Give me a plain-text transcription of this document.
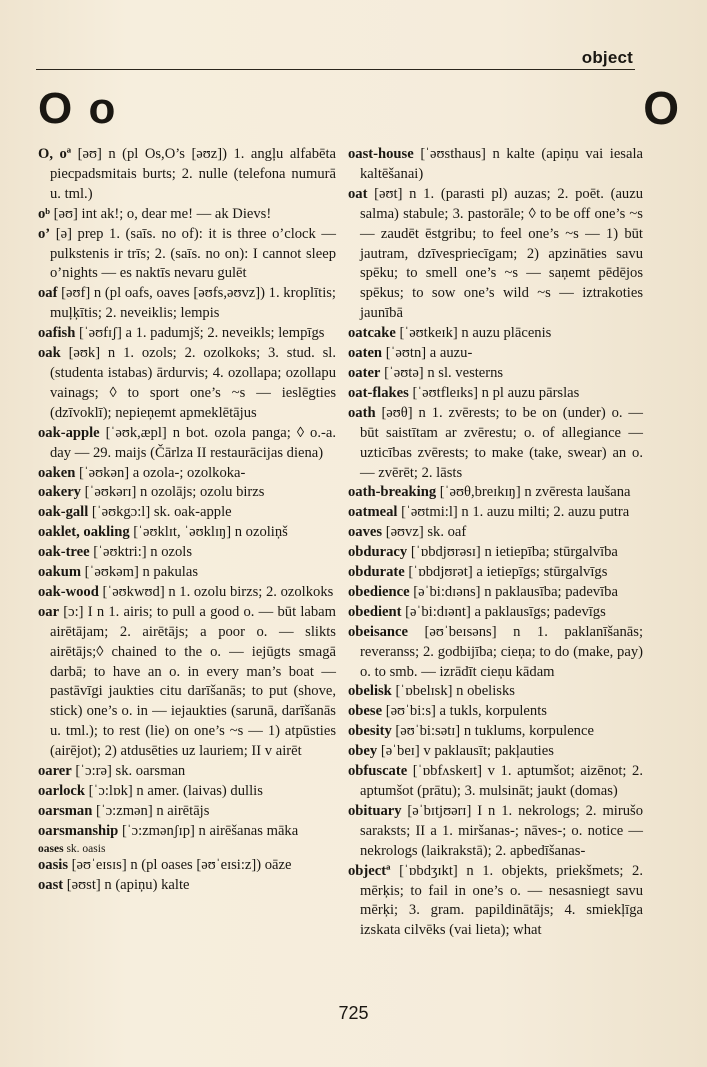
object
O o	O

O, oª [əʊ] n (pl Os,O’s [əʊz]) 1. angļu alfabēta piecpadsmitais burts; 2. nulle (telefona numurā u. tml.)

oᵇ [əʊ] int ak!; o, dear me! — ak Dievs!

o’ [ə] prep 1. (saīs. no of): it is three o’clock — pulkstenis ir trīs; 2. (saīs. no on): I cannot sleep o’nights — es naktīs nevaru gulēt

oaf [əʊf] n (pl oafs, oaves [əʊfs,əʊvz]) 1. kroplītis; muļķītis; 2. neveiklis; lempis

oafish [ˈəʊfɪʃ] a 1. padumjš; 2. neveikls; lempīgs

oak [əʊk] n 1. ozols; 2. ozolkoks; 3. stud. sl. (studenta istabas) ārdurvis; 4. ozollapa; ozollapu vainags; ◊ to sport one’s ~s — ieslēgties (dzīvoklī); nepieņemt apmeklētājus

oak-apple [ˈəʊk,æpl] n bot. ozola panga; ◊ o.-a. day — 29. maijs (Čārlza II restaurācijas diena)

oaken [ˈəʊkən] a ozola-; ozolkoka-

oakery [ˈəʊkərɪ] n ozolājs; ozolu birzs

oak-gall [ˈəʊkgɔ:l] sk. oak-apple

oaklet, oakling [ˈəʊklɪt, ˈəʊklɪŋ] n ozoliņš

oak-tree [ˈəʊktri:] n ozols

oakum [ˈəʊkəm] n pakulas

oak-wood [ˈəʊkwʊd] n 1. ozolu birzs; 2. ozolkoks

oar [ɔ:] I n 1. airis; to pull a good o. — būt labam airētājam; 2. airētājs; a poor o. — slikts airētājs;◊ chained to the o. — iejūgts smagā darbā; to have an o. in every man’s boat — pastāvīgi jaukties citu darīšanās; to put (shove, stick) one’s o. in — iejaukties (sarunā, darīšanās u. tml.); to rest (lie) on one’s ~s — 1) atpūsties (airējot); 2) atdusēties uz lauriem; II v airēt

oarer [ˈɔ:rə] sk. oarsman

oarlock [ˈɔ:lɒk] n amer. (laivas) dullis

oarsman [ˈɔ:zmən] n airētājs

oarsmanship [ˈɔ:zmənʃɪp] n airēšanas māka

oases sk. oasis

oasis [əʊˈeɪsɪs] n (pl oases [əʊˈeɪsi:z]) oāze

oast [əʊst] n (apiņu) kalte

oast-house [ˈəʊsthaus] n kalte (apiņu vai iesala kaltēšanai)

oat [əʊt] n 1. (parasti pl) auzas; 2. poēt. (auzu salma) stabule; 3. pastorāle; ◊ to be off one’s ~s — zaudēt ēstgribu; to feel one’s ~s — 1) būt jautram, dzīvespriecīgam; 2) apzināties savu spēku; to smell one’s ~s — saņemt pēdējos spēkus; to sow one’s wild ~s — iztrakoties jaunībā

oatcake [ˈəʊtkeɪk] n auzu plācenis

oaten [ˈəʊtn] a auzu-

oater [ˈəʊtə] n sl. vesterns

oat-flakes [ˈəʊtfleɪks] n pl auzu pārslas

oath [əʊθ] n 1. zvērests; to be on (under) o. — būt saistītam ar zvērestu; o. of allegiance — uzticības zvērests; to make (take, swear) an o. — zvērēt; 2. lāsts

oath-breaking [ˈəʊθ,breɪkɪŋ] n zvēresta laušana

oatmeal [ˈəʊtmi:l] n 1. auzu milti; 2. auzu putra

oaves [əʊvz] sk. oaf

obduracy [ˈɒbdjʊrəsɪ] n ietiepība; stūrgalvība

obdurate [ˈɒbdjʊrət] a ietiepīgs; stūrgalvīgs

obedience [əˈbi:dɪəns] n paklausība; padevība

obedient [əˈbi:dɪənt] a paklausīgs; padevīgs

obeisance [əʊˈbeɪsəns] n 1. paklanīšanās; reveranss; 2. godbijība; cieņa; to do (make, pay) o. to smb. — izrādīt cieņu kādam

obelisk [ˈɒbelɪsk] n obelisks

obese [əʊˈbi:s] a tukls, korpulents

obesity [əʊˈbi:sətɪ] n tuklums, korpulence

obey [əˈbeɪ] v paklausīt; pakļauties

obfuscate [ˈɒbfʌskeɪt] v 1. aptumšot; aizēnot; 2. aptumšot (prātu); 3. mulsināt; jaukt (domas)

obituary [əˈbɪtjʊərɪ] I n 1. nekrologs; 2. mirušo saraksts; II a 1. miršanas-; nāves-; o. notice — nekrologs (laikrakstā); 2. apbedīšanas-

objectª [ˈɒbdʒɪkt] n 1. objekts, priekšmets; 2. mērķis; to fail in one’s o. — nesasniegt savu mērķi; 3. gram. papildinātājs; 4. smiekļīga izskata cilvēks (vai lieta); what

725
